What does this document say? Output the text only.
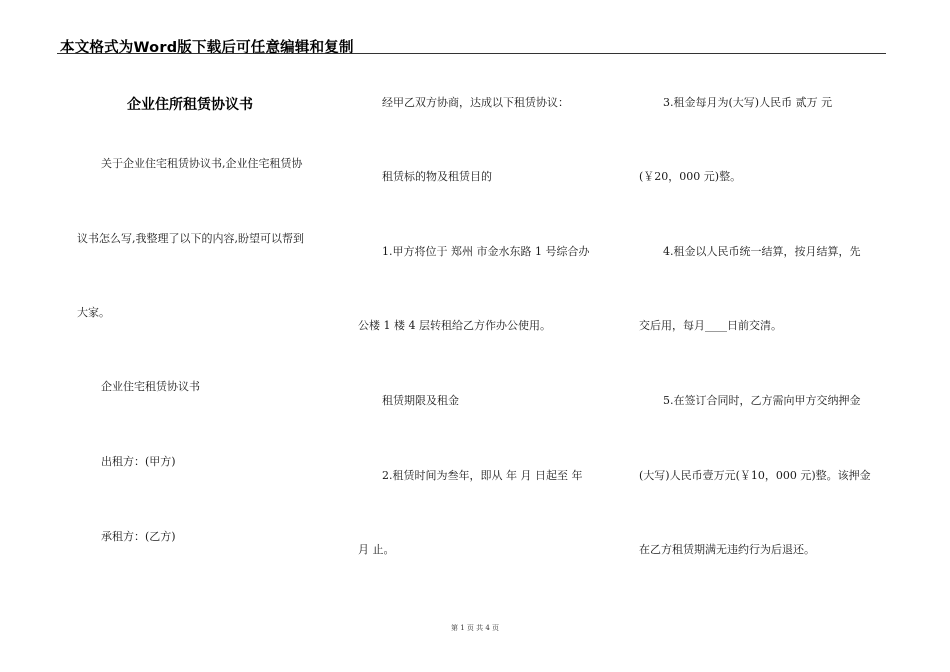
本文格式为Word版下载后可任意编辑和复制
企业住所租赁协议书
关于企业住宅租赁协议书,企业住宅租赁协
议书怎么写,我整理了以下的内容,盼望可以帮到
大家。
企业住宅租赁协议书
出租方：(甲方)
承租方：(乙方)
经甲乙双方协商，达成以下租赁协议：
租赁标的物及租赁目的
1.甲方将位于 郑州 市金水东路 1 号综合办
公楼 1 楼 4 层转租给乙方作办公使用。
租赁期限及租金
2.租赁时间为叁年，即从 年 月 日起至 年
月 止。
3.租金每月为(大写)人民币 贰万 元
(￥20，000 元)整。
4.租金以人民币统一结算，按月结算，先
交后用，每月____日前交清。
5.在签订合同时，乙方需向甲方交纳押金
(大写)人民币壹万元(￥10，000 元)整。该押金
在乙方租赁期满无违约行为后退还。
第 1 页 共 4 页
